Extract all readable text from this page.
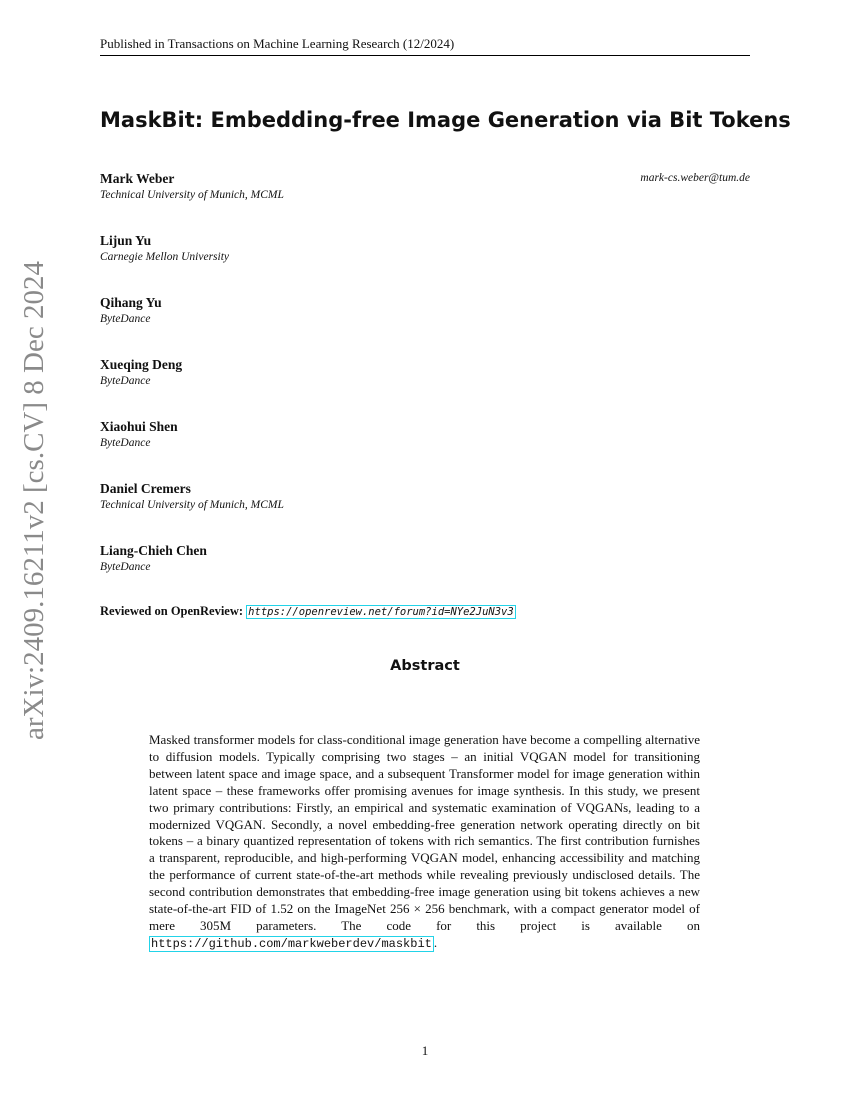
Published in Transactions on Machine Learning Research (12/2024)
arXiv:2409.16211v2 [cs.CV] 8 Dec 2024
MaskBit: Embedding-free Image Generation via Bit Tokens
Mark Weber
Technical University of Munich, MCML
mark-cs.weber@tum.de
Lijun Yu
Carnegie Mellon University
Qihang Yu
ByteDance
Xueqing Deng
ByteDance
Xiaohui Shen
ByteDance
Daniel Cremers
Technical University of Munich, MCML
Liang-Chieh Chen
ByteDance
Reviewed on OpenReview: https://openreview.net/forum?id=NYe2JuN3v3
Abstract
Masked transformer models for class-conditional image generation have become a compelling alternative to diffusion models. Typically comprising two stages – an initial VQGAN model for transitioning between latent space and image space, and a subsequent Transformer model for image generation within latent space – these frameworks offer promising avenues for image synthesis. In this study, we present two primary contributions: Firstly, an empirical and systematic examination of VQGANs, leading to a modernized VQGAN. Secondly, a novel embedding-free generation network operating directly on bit tokens – a binary quantized representation of tokens with rich semantics. The first contribution furnishes a transparent, reproducible, and high-performing VQGAN model, enhancing accessibility and matching the performance of current state-of-the-art methods while revealing previously undisclosed details. The second contribution demonstrates that embedding-free image generation using bit tokens achieves a new state-of-the-art FID of 1.52 on the ImageNet 256 × 256 benchmark, with a compact generator model of mere 305M parameters. The code for this project is available on https://github.com/markweberdev/maskbit .
1
